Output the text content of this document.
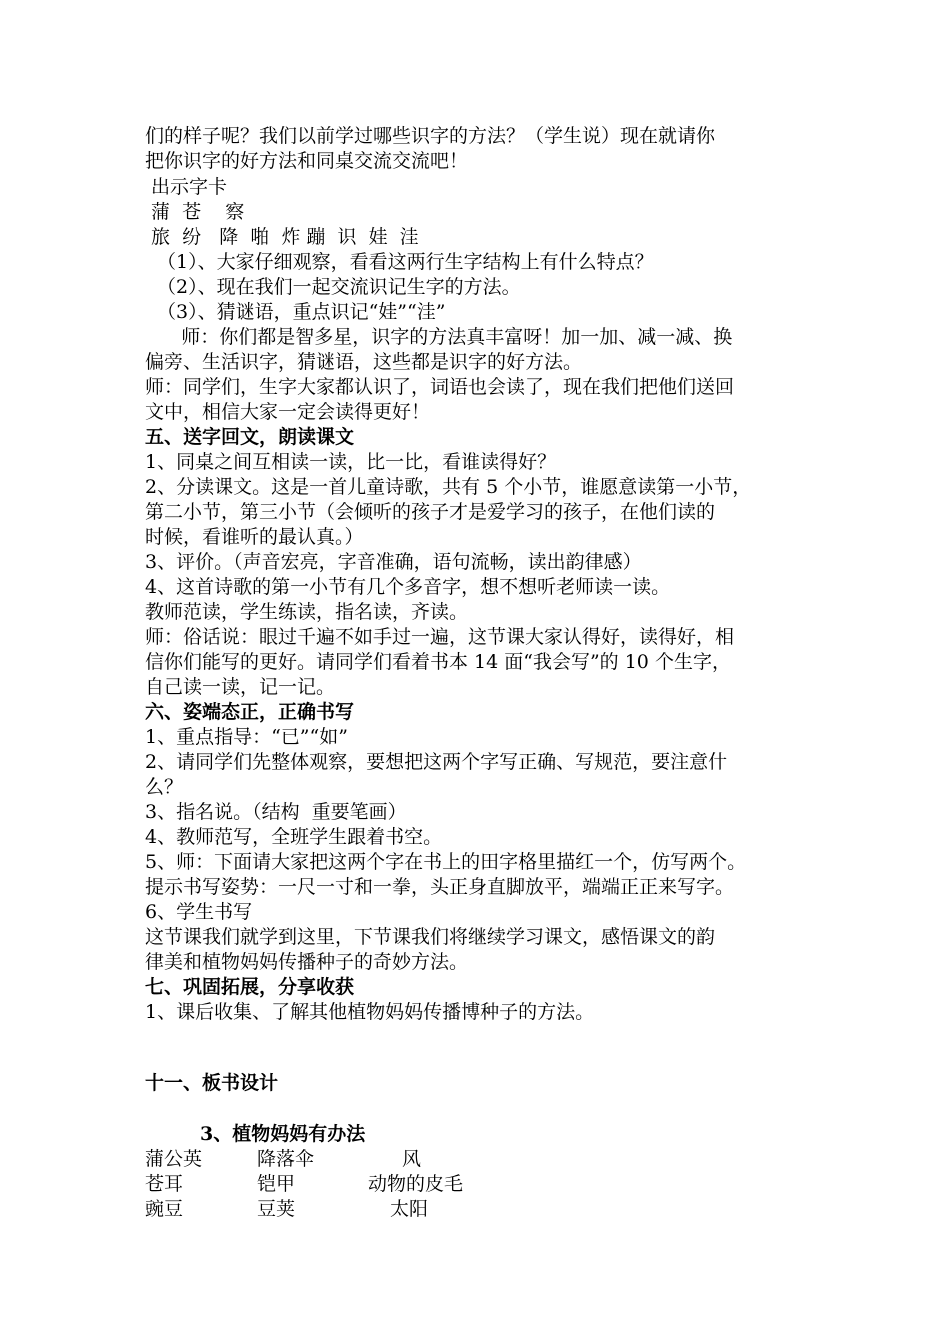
们的样子呢？我们以前学过哪些识字的方法？（学生说）现在就请你
把你识字的好方法和同桌交流交流吧！
出示字卡
蒲  苍    察
旅  纷   降  啪  炸 蹦  识  娃  洼
（1）、大家仔细观察，看看这两行生字结构上有什么特点？
（2）、现在我们一起交流识记生字的方法。
（3）、猜谜语，重点识记“娃”“洼”
师：你们都是智多星，识字的方法真丰富呀！加一加、减一减、换
偏旁、生活识字，猜谜语，这些都是识字的好方法。
师：同学们，生字大家都认识了，词语也会读了，现在我们把他们送回
文中，相信大家一定会读得更好！
五、送字回文，朗读课文
1、同桌之间互相读一读，比一比，看谁读得好？
2、分读课文。这是一首儿童诗歌，共有 5 个小节，谁愿意读第一小节，
第二小节，第三小节（会倾听的孩子才是爱学习的孩子，在他们读的
时候，看谁听的最认真。）
3、评价。（声音宏亮，字音准确，语句流畅，读出韵律感）
4、这首诗歌的第一小节有几个多音字，想不想听老师读一读。
教师范读，学生练读，指名读，齐读。
师：俗话说：眼过千遍不如手过一遍，这节课大家认得好，读得好，相
信你们能写的更好。请同学们看着书本 14 面“我会写”的 10 个生字，
自己读一读，记一记。
六、姿端态正，正确书写
1、重点指导：“已”“如”
2、请同学们先整体观察，要想把这两个字写正确、写规范，要注意什
么？
3、指名说。（结构  重要笔画）
4、教师范写，全班学生跟着书空。
5、师：下面请大家把这两个字在书上的田字格里描红一个，仿写两个。
提示书写姿势：一尺一寸和一拳，头正身直脚放平，端端正正来写字。
6、学生书写
这节课我们就学到这里，下节课我们将继续学习课文，感悟课文的韵
律美和植物妈妈传播种子的奇妙方法。
七、巩固拓展，分享收获
1、课后收集、了解其他植物妈妈传播博种子的方法。
十一、板书设计
3、植物妈妈有办法
蒲公英	降落伞	风
苍耳	铠甲	动物的皮毛
豌豆	豆荚	太阳
